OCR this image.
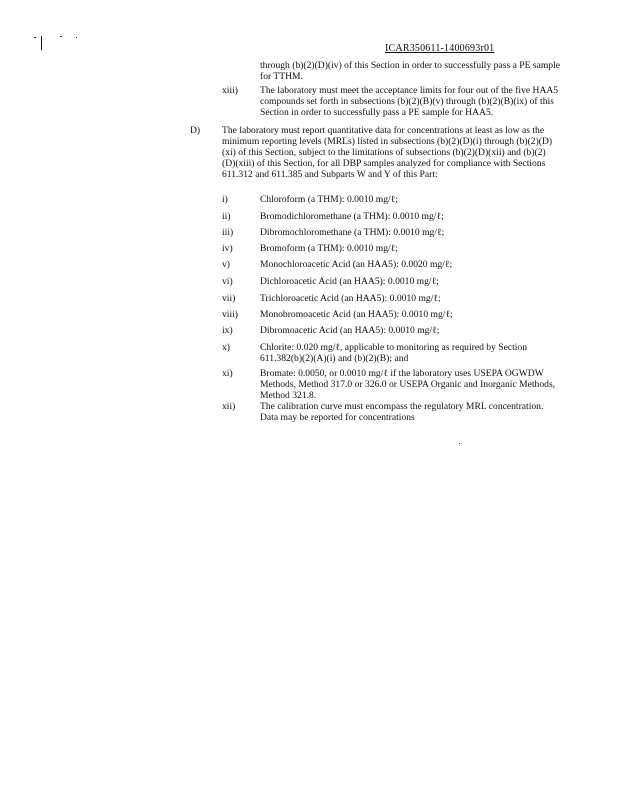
ICAR350611-1400693r01
through (b)(2)(D)(iv) of this Section in order to successfully pass a PE sample for TTHM.
xiii) The laboratory must meet the acceptance limits for four out of the five HAA5 compounds set forth in subsections (b)(2)(B)(v) through (b)(2)(B)(ix) of this Section in order to successfully pass a PE sample for HAA5.
D) The laboratory must report quantitative data for concentrations at least as low as the minimum reporting levels (MRLs) listed in subsections (b)(2)(D)(i) through (b)(2)(D)(xi) of this Section, subject to the limitations of subsections (b)(2)(D)(xii) and (b)(2)(D)(xiii) of this Section, for all DBP samples analyzed for compliance with Sections 611.312 and 611.385 and Subparts W and Y of this Part:
i)	Chloroform (a THM): 0.0010 mg/ℓ;
ii)	Bromodichloromethane (a THM): 0.0010 mg/ℓ;
iii)	Dibromochloromethane (a THM): 0.0010 mg/ℓ;
iv)	Bromoform (a THM): 0.0010 mg/ℓ;
v)	Monochloroacetic Acid (an HAA5): 0.0020 mg/ℓ;
vi)	Dichloroacetic Acid (an HAA5): 0.0010 mg/ℓ;
vii)	Trichloroacetic Acid (an HAA5): 0.0010 mg/ℓ;
viii) Monobromoacetic Acid (an HAA5): 0.0010 mg/ℓ;
ix)	Dibromoacetic Acid (an HAA5): 0.0010 mg/ℓ;
x)	Chlorite: 0.020 mg/ℓ, applicable to monitoring as required by Section 611.382(b)(2)(A)(i) and (b)(2)(B); and
xi)	Bromate: 0.0050, or 0.0010 mg/ℓ if the laboratory uses USEPA OGWDW Methods, Method 317.0 or 326.0 or USEPA Organic and Inorganic Methods, Method 321.8.
xii)	The calibration curve must encompass the regulatory MRL concentration. Data may be reported for concentrations
